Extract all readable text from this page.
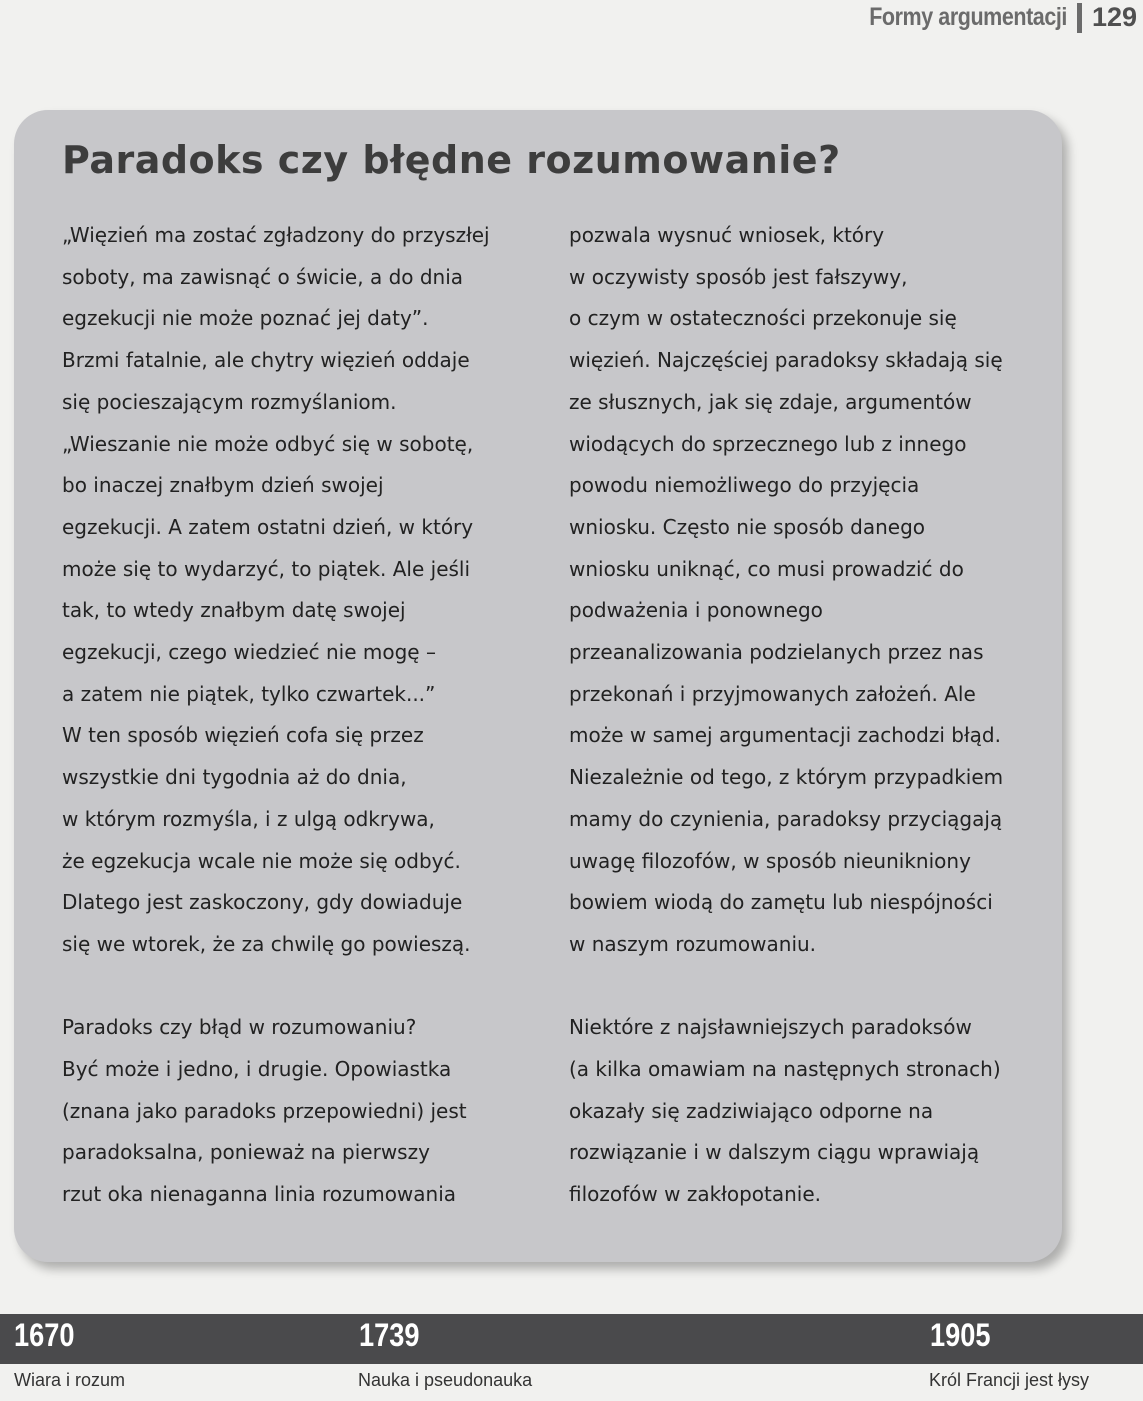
Formy argumentacji 129
Paradoks czy błędne rozumowanie?
„Więzień ma zostać zgładzony do przyszłej
soboty, ma zawisnąć o świcie, a do dnia
egzekucji nie może poznać jej daty”.
Brzmi fatalnie, ale chytry więzień oddaje
się pocieszającym rozmyślaniom.
„Wieszanie nie może odbyć się w sobotę,
bo inaczej znałbym dzień swojej
egzekucji. A zatem ostatni dzień, w który
może się to wydarzyć, to piątek. Ale jeśli
tak, to wtedy znałbym datę swojej
egzekucji, czego wiedzieć nie mogę –
a zatem nie piątek, tylko czwartek...”
W ten sposób więzień cofa się przez
wszystkie dni tygodnia aż do dnia,
w którym rozmyśla, i z ulgą odkrywa,
że egzekucja wcale nie może się odbyć.
Dlatego jest zaskoczony, gdy dowiaduje
się we wtorek, że za chwilę go powieszą.
Paradoks czy błąd w rozumowaniu?
Być może i jedno, i drugie. Opowiastka
(znana jako paradoks przepowiedni) jest
paradoksalna, ponieważ na pierwszy
rzut oka nienaganna linia rozumowania
pozwala wysnuć wniosek, który
w oczywisty sposób jest fałszywy,
o czym w ostateczności przekonuje się
więzień. Najczęściej paradoksy składają się
ze słusznych, jak się zdaje, argumentów
wiodących do sprzecznego lub z innego
powodu niemożliwego do przyjęcia
wniosku. Często nie sposób danego
wniosku uniknąć, co musi prowadzić do
podważenia i ponownego
przeanalizowania podzielanych przez nas
przekonań i przyjmowanych założeń. Ale
może w samej argumentacji zachodzi błąd.
Niezależnie od tego, z którym przypadkiem
mamy do czynienia, paradoksy przyciągają
uwagę filozofów, w sposób nieunikniony
bowiem wiodą do zamętu lub niespójności
w naszym rozumowaniu.
Niektóre z najsławniejszych paradoksów
(a kilka omawiam na następnych stronach)
okazały się zadziwiająco odporne na
rozwiązanie i w dalszym ciągu wprawiają
filozofów w zakłopotanie.
1670	1739	1905
Wiara i rozum	Nauka i pseudonauka	Król Francji jest łysy
